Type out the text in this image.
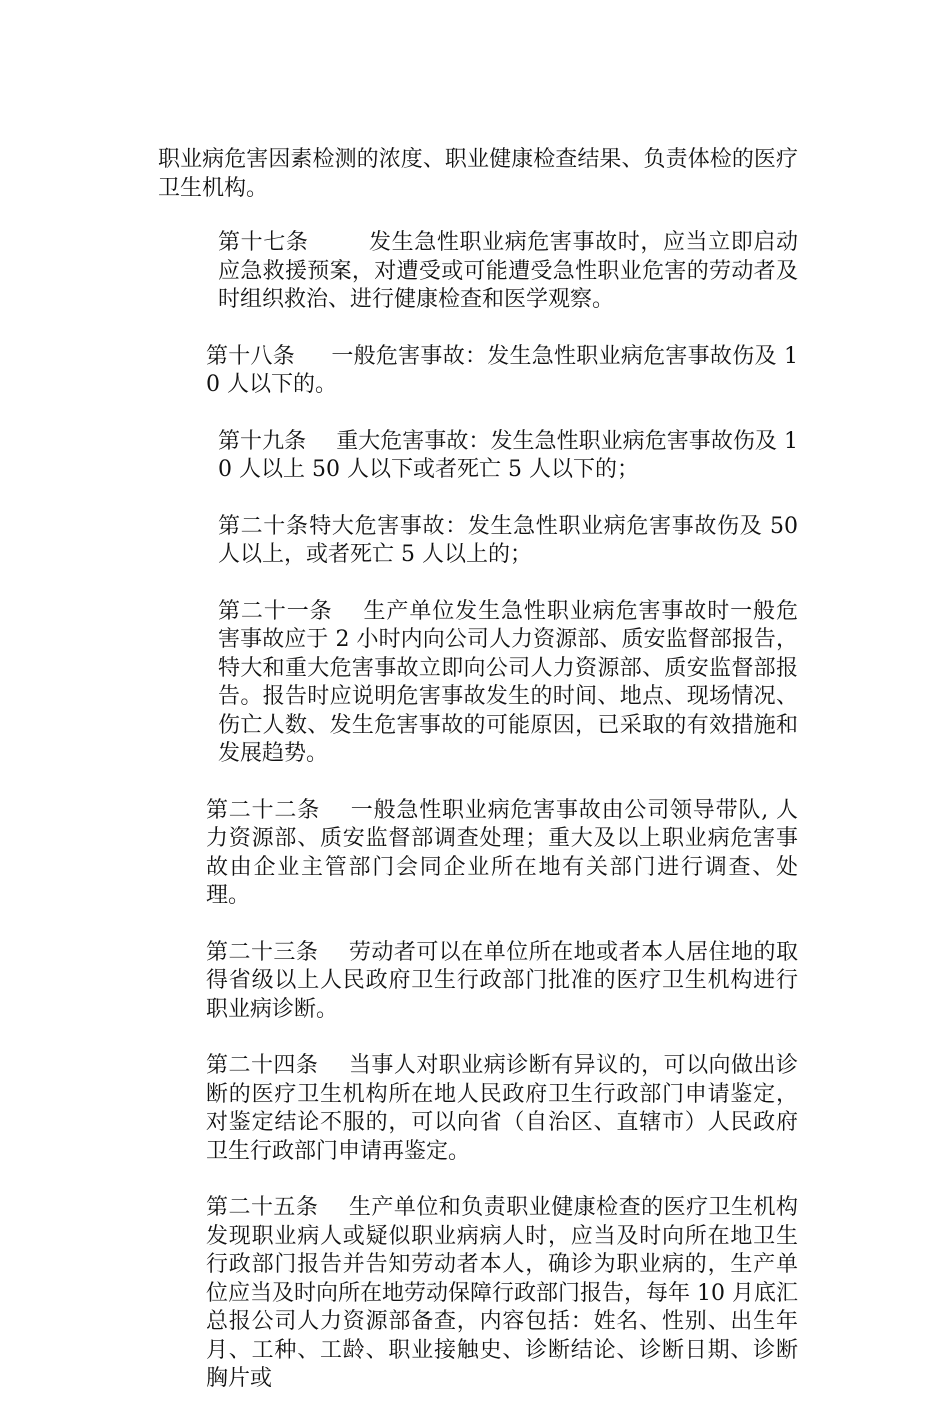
职业病危害因素检测的浓度、职业健康检查结果、负责体检的医疗卫生机构。

第十七条	发生急性职业病危害事故时，应当立即启动应急救援预案，对遭受或可能遭受急性职业危害的劳动者及时组织救治、进行健康检查和医学观察。

第十八条 一般危害事故：发生急性职业病危害事故伤及 10 人以下的。

第十九条 重大危害事故：发生急性职业病危害事故伤及 10 人以上 50 人以下或者死亡 5 人以下的；

第二十条特大危害事故：发生急性职业病危害事故伤及 50 人以上，或者死亡 5 人以上的；

第二十一条 生产单位发生急性职业病危害事故时一般危害事故应于 2 小时内向公司人力资源部、质安监督部报告，特大和重大危害事故立即向公司人力资源部、质安监督部报告。报告时应说明危害事故发生的时间、地点、现场情况、伤亡人数、发生危害事故的可能原因，已采取的有效措施和发展趋势。

第二十二条 一般急性职业病危害事故由公司领导带队, 人力资源部、质安监督部调查处理；重大及以上职业病危害事故由企业主管部门会同企业所在地有关部门进行调查、处理。

第二十三条 劳动者可以在单位所在地或者本人居住地的取得省级以上人民政府卫生行政部门批准的医疗卫生机构进行职业病诊断。

第二十四条 当事人对职业病诊断有异议的，可以向做出诊断的医疗卫生机构所在地人民政府卫生行政部门申请鉴定，对鉴定结论不服的，可以向省（自治区、直辖市）人民政府卫生行政部门申请再鉴定。

第二十五条 生产单位和负责职业健康检查的医疗卫生机构发现职业病人或疑似职业病病人时，应当及时向所在地卫生行政部门报告并告知劳动者本人，确诊为职业病的，生产单位应当及时向所在地劳动保障行政部门报告，每年 10 月底汇总报公司人力资源部备查，内容包括：姓名、性别、出生年月、工种、工龄、职业接触史、诊断结论、诊断日期、诊断胸片或
